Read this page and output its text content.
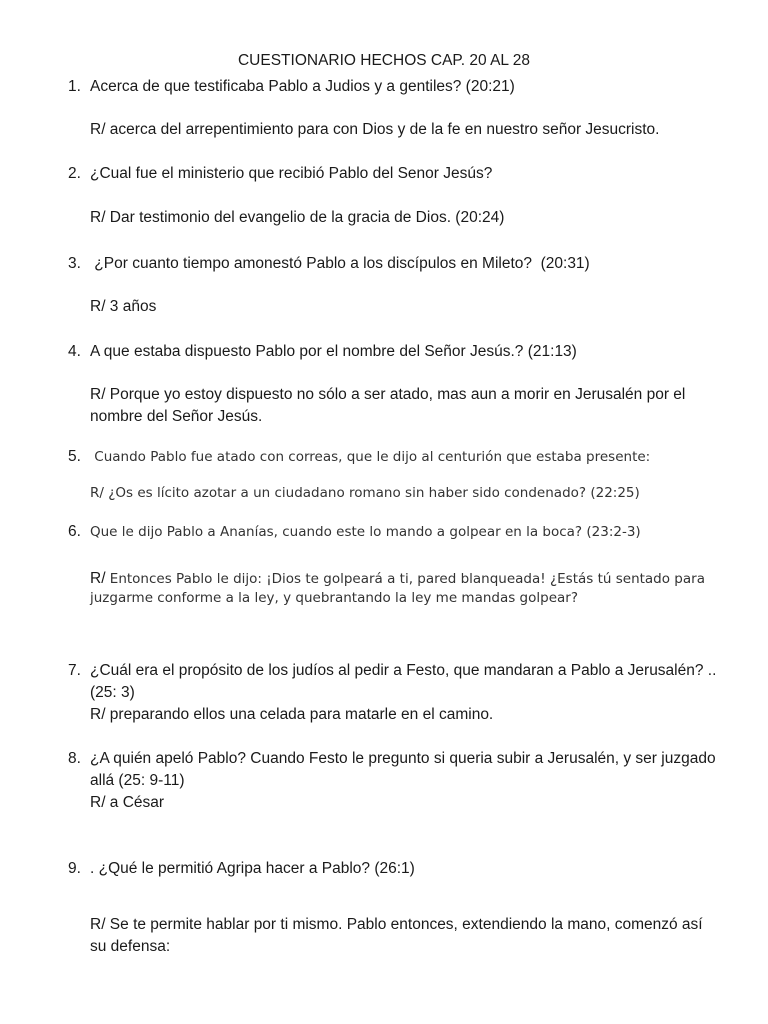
CUESTIONARIO HECHOS CAP. 20 AL 28
1. Acerca de que testificaba Pablo a Judios y a gentiles? (20:21)
R/ acerca del arrepentimiento para con Dios y de la fe en nuestro señor Jesucristo.
2. ¿Cual fue el ministerio que recibió Pablo del Senor Jesús?
R/ Dar testimonio del evangelio de la gracia de Dios. (20:24)
3. ¿Por cuanto tiempo amonestó Pablo a los discípulos en Mileto?  (20:31)
R/ 3 años
4. A que estaba dispuesto Pablo por el nombre del Señor Jesús.? (21:13)
R/ Porque yo estoy dispuesto no sólo a ser atado, mas aun a morir en Jerusalén por el nombre del Señor Jesús.
5. Cuando Pablo fue atado con correas, que le dijo al centurión que estaba presente:
R/ ¿Os es lícito azotar a un ciudadano romano sin haber sido condenado? (22:25)
6. Que le dijo Pablo a Ananías, cuando este lo mando a golpear en la boca? (23:2-3)
R/ Entonces Pablo le dijo: ¡Dios te golpeará a ti, pared blanqueada! ¿Estás tú sentado para juzgarme conforme a la ley, y quebrantando la ley me mandas golpear?
7. ¿Cuál era el propósito de los judíos al pedir a Festo, que mandaran a Pablo a Jerusalén? ..(25: 3)
R/ preparando ellos una celada para matarle en el camino.
8. ¿A quién apeló Pablo? Cuando Festo le pregunto si queria subir a Jerusalén, y ser juzgado allá (25: 9-11)
R/ a César
9. . ¿Qué le permitió Agripa hacer a Pablo? (26:1)
R/ Se te permite hablar por ti mismo. Pablo entonces, extendiendo la mano, comenzó así su defensa:
